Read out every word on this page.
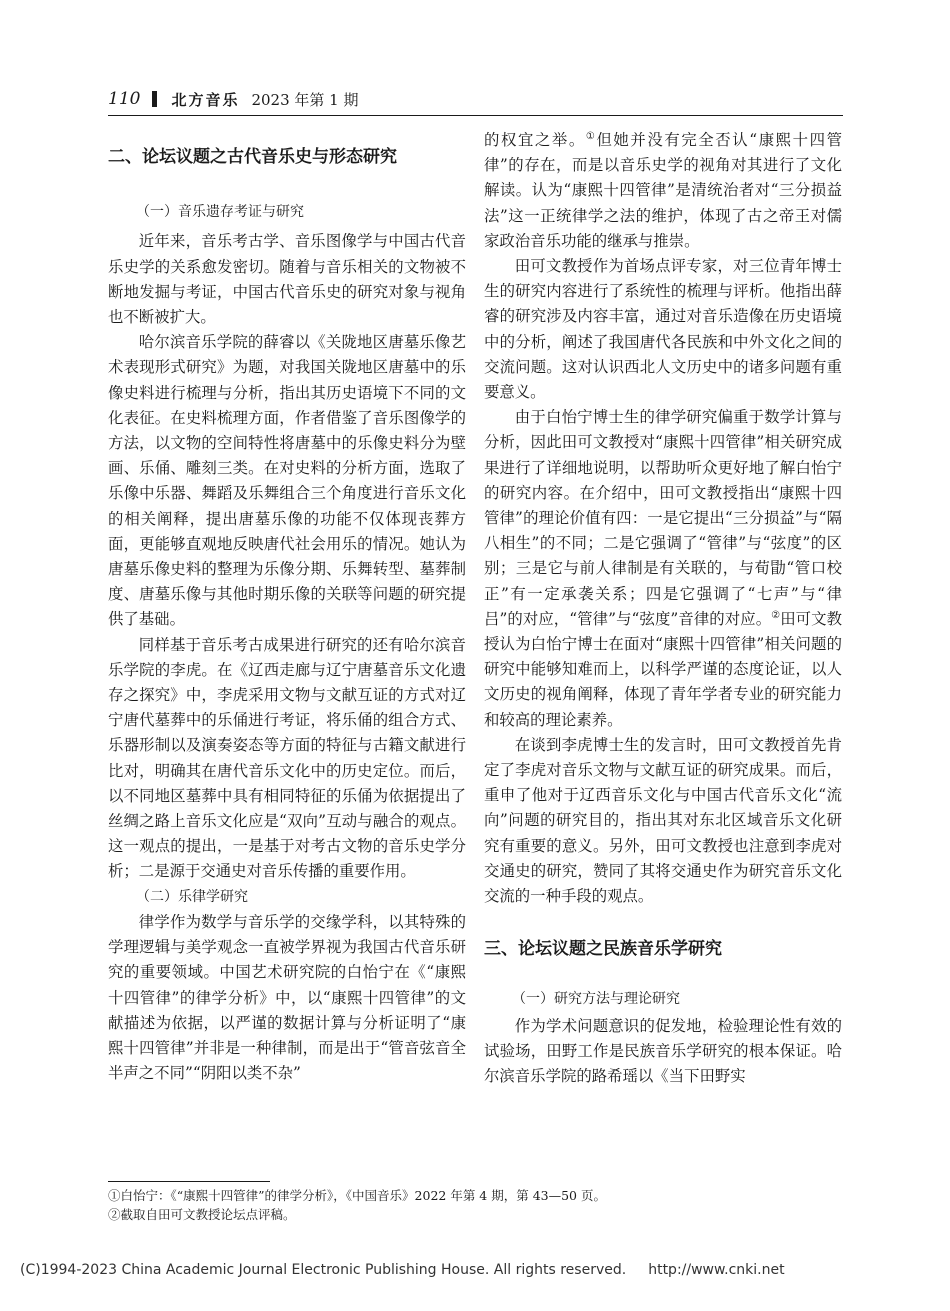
110 北方音乐 2023 年第 1 期

二、论坛议题之古代音乐史与形态研究

（一）音乐遗存考证与研究

近年来，音乐考古学、音乐图像学与中国古代音乐史学的关系愈发密切。随着与音乐相关的文物被不断地发掘与考证，中国古代音乐史的研究对象与视角也不断被扩大。

哈尔滨音乐学院的薛睿以《关陇地区唐墓乐像艺术表现形式研究》为题，对我国关陇地区唐墓中的乐像史料进行梳理与分析，指出其历史语境下不同的文化表征。在史料梳理方面，作者借鉴了音乐图像学的方法，以文物的空间特性将唐墓中的乐像史料分为壁画、乐俑、雕刻三类。在对史料的分析方面，选取了乐像中乐器、舞蹈及乐舞组合三个角度进行音乐文化的相关阐释，提出唐墓乐像的功能不仅体现丧葬方面，更能够直观地反映唐代社会用乐的情况。她认为唐墓乐像史料的整理为乐像分期、乐舞转型、墓葬制度、唐墓乐像与其他时期乐像的关联等问题的研究提供了基础。

同样基于音乐考古成果进行研究的还有哈尔滨音乐学院的李虎。在《辽西走廊与辽宁唐墓音乐文化遗存之探究》中，李虎采用文物与文献互证的方式对辽宁唐代墓葬中的乐俑进行考证，将乐俑的组合方式、乐器形制以及演奏姿态等方面的特征与古籍文献进行比对，明确其在唐代音乐文化中的历史定位。而后，以不同地区墓葬中具有相同特征的乐俑为依据提出了丝绸之路上音乐文化应是“双向”互动与融合的观点。这一观点的提出，一是基于对考古文物的音乐史学分析；二是源于交通史对音乐传播的重要作用。

（二）乐律学研究

律学作为数学与音乐学的交缘学科，以其特殊的学理逻辑与美学观念一直被学界视为我国古代音乐研究的重要领域。中国艺术研究院的白怡宁在《“康熙十四管律”的律学分析》中，以“康熙十四管律”的文献描述为依据，以严谨的数据计算与分析证明了“康熙十四管律”并非是一种律制，而是出于“管音弦音全半声之不同”“阴阳以类不杂”

的权宜之举。①但她并没有完全否认“康熙十四管律”的存在，而是以音乐史学的视角对其进行了文化解读。认为“康熙十四管律”是清统治者对“三分损益法”这一正统律学之法的维护，体现了古之帝王对儒家政治音乐功能的继承与推崇。

田可文教授作为首场点评专家，对三位青年博士生的研究内容进行了系统性的梳理与评析。他指出薛睿的研究涉及内容丰富，通过对音乐造像在历史语境中的分析，阐述了我国唐代各民族和中外文化之间的交流问题。这对认识西北人文历史中的诸多问题有重要意义。

由于白怡宁博士生的律学研究偏重于数学计算与分析，因此田可文教授对“康熙十四管律”相关研究成果进行了详细地说明，以帮助听众更好地了解白怡宁的研究内容。在介绍中，田可文教授指出“康熙十四管律”的理论价值有四：一是它提出“三分损益”与“隔八相生”的不同；二是它强调了“管律”与“弦度”的区别；三是它与前人律制是有关联的，与荀勖“管口校正”有一定承袭关系；四是它强调了“七声”与“律吕”的对应，“管律”与“弦度”音律的对应。②田可文教授认为白怡宁博士在面对“康熙十四管律”相关问题的研究中能够知难而上，以科学严谨的态度论证，以人文历史的视角阐释，体现了青年学者专业的研究能力和较高的理论素养。

在谈到李虎博士生的发言时，田可文教授首先肯定了李虎对音乐文物与文献互证的研究成果。而后，重申了他对于辽西音乐文化与中国古代音乐文化“流向”问题的研究目的，指出其对东北区域音乐文化研究有重要的意义。另外，田可文教授也注意到李虎对交通史的研究，赞同了其将交通史作为研究音乐文化交流的一种手段的观点。

三、论坛议题之民族音乐学研究

（一）研究方法与理论研究

作为学术问题意识的促发地，检验理论性有效的试验场，田野工作是民族音乐学研究的根本保证。哈尔滨音乐学院的路希瑶以《当下田野实

①白怡宁：《“康熙十四管律”的律学分析》，《中国音乐》2022 年第 4 期，第 43—50 页。
②截取自田可文教授论坛点评稿。
(C)1994-2023 China Academic Journal Electronic Publishing House. All rights reserved. http://www.cnki.net
